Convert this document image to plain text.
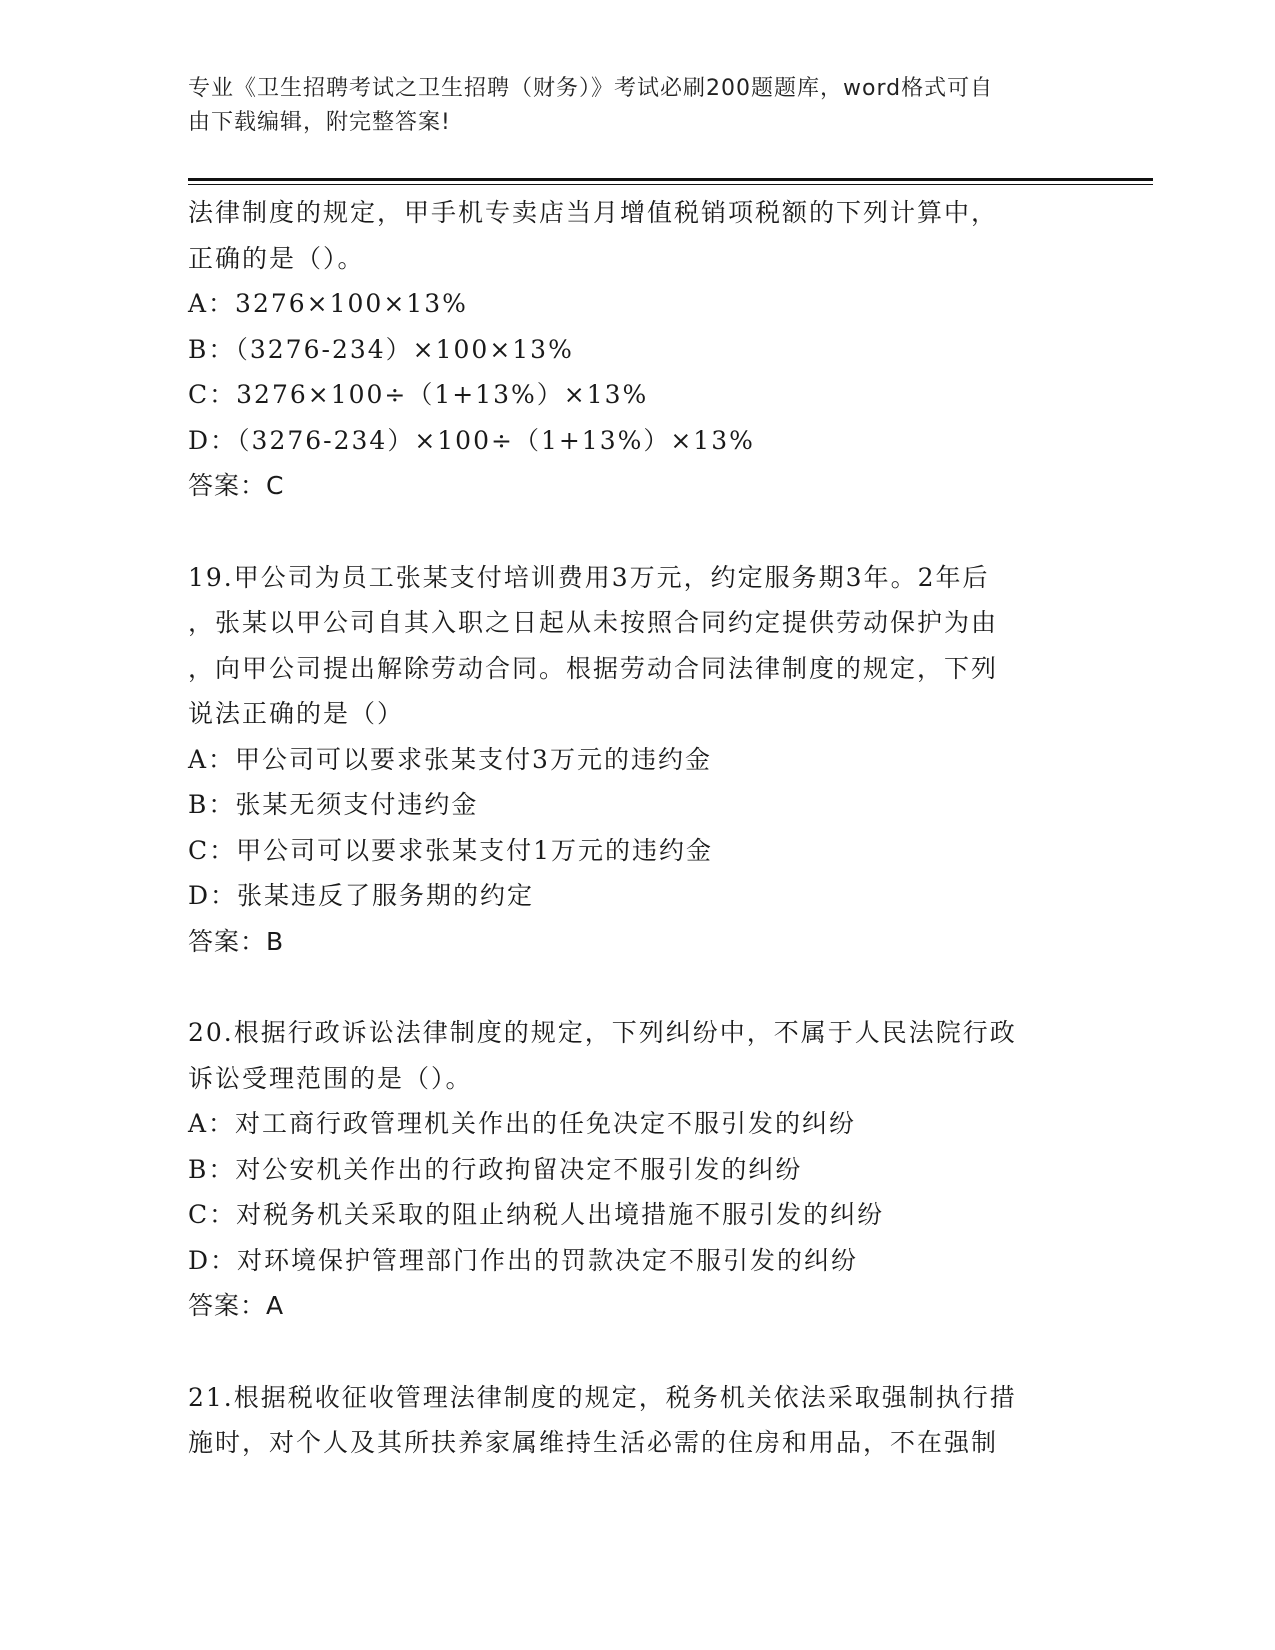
专业《卫生招聘考试之卫生招聘（财务）》考试必刷200题题库，word格式可自
由下载编辑，附完整答案!
法律制度的规定，甲手机专卖店当月增值税销项税额的下列计算中，
正确的是（）。
A：3276×100×13%
B：（3276-234）×100×13%
C：3276×100÷（1+13%）×13%
D：（3276-234）×100÷（1+13%）×13%
答案：C
19.甲公司为员工张某支付培训费用3万元，约定服务期3年。2年后
，张某以甲公司自其入职之日起从未按照合同约定提供劳动保护为由
，向甲公司提出解除劳动合同。根据劳动合同法律制度的规定，下列
说法正确的是（）
A：甲公司可以要求张某支付3万元的违约金
B：张某无须支付违约金
C：甲公司可以要求张某支付1万元的违约金
D：张某违反了服务期的约定
答案：B
20.根据行政诉讼法律制度的规定，下列纠纷中，不属于人民法院行政
诉讼受理范围的是（）。
A：对工商行政管理机关作出的任免决定不服引发的纠纷
B：对公安机关作出的行政拘留决定不服引发的纠纷
C：对税务机关采取的阻止纳税人出境措施不服引发的纠纷
D：对环境保护管理部门作出的罚款决定不服引发的纠纷
答案：A
21.根据税收征收管理法律制度的规定，税务机关依法采取强制执行措
施时，对个人及其所扶养家属维持生活必需的住房和用品，不在强制
